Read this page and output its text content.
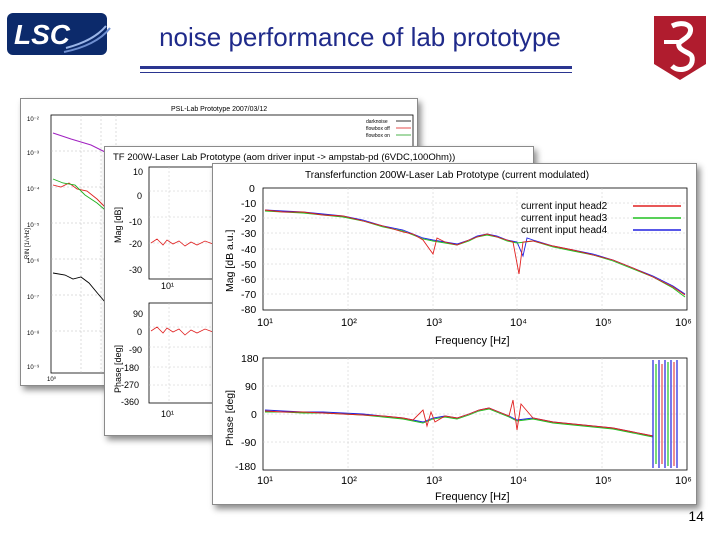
LSC	noise performance of lab prototype
PSL-Lab Prototype 2007/03/12
10⁻²
10⁻³
10⁻⁴
10⁻⁵
10⁻⁶
10⁻⁷
10⁻⁸
10⁻⁹
10⁰
RIN [1/√Hz]
darknoise
flowbox off
flowbox on
TF 200W-Laser Lab Prototype (aom driver input -> ampstab-pd (6VDC,100Ohm))
10
0
-10
-20
-30
10¹
90
0
-90
-180
-270
-360
10¹
Mag [dB]
Phase [deg]
Transferfunction 200W-Laser Lab Prototype (current modulated)
0
-10
-20
-30
-40
-50
-60
-70
-80
10¹	10²	10³	10⁴	10⁵	10⁶
Frequency [Hz]
Mag [dB a.u.]
current input head2
current input head3
current input head4
180
90
0
-90
-180
10¹	10²	10³	10⁴	10⁵	10⁶
Frequency [Hz]
Phase [deg]
14
